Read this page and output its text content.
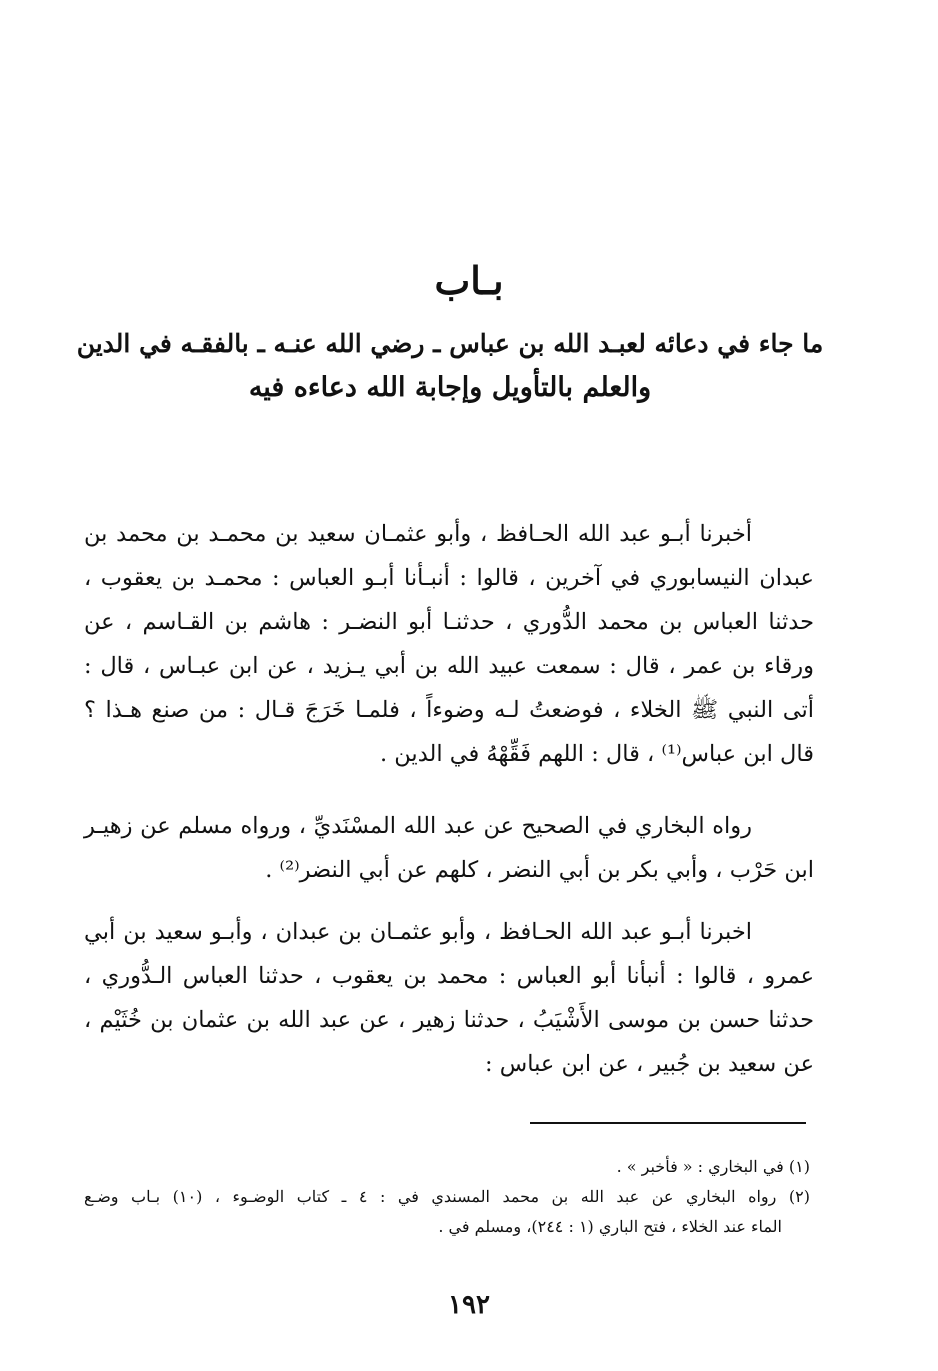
بـاب
ما جاء في دعائه لعبـد الله بن عباس ـ رضي الله عنـه ـ بالفقـه في الدين
والعلم بالتأويل وإجابة الله دعاءه فيه
أخبرنا أبـو عبد الله الحـافظ ، وأبو عثمـان سعيد بن محمـد بن محمد بن
عبدان النيسابوري في آخرين ، قالوا : أنبـأنا أبـو العباس : محمـد بن يعقوب ،
حدثنا العباس بن محمد الدُّوري ، حدثنـا أبو النضـر : هاشم بن القـاسم ، عن
ورقاء بن عمر ، قال : سمعت عبيد الله بن أبي يـزيد ، عن ابن عبـاس ، قال :
أتى النبي ﷺ الخلاء ، فوضعتُ لـه وضوءاً ، فلمـا خَرَجَ قـال : من صنع هـذا ؟
قال ابن عباس⁽¹⁾ ، قال : اللهم فَقِّهْهُ في الدين .
رواه البخاري في الصحيح عن عبد الله المسْنَديِّ ، ورواه مسلم عن زهيـر
ابن حَرْب ، وأبي بكر بن أبي النضر ، كلهم عن أبي النضر⁽²⁾ .
اخبرنا أبـو عبد الله الحـافظ ، وأبو عثمـان بن عبدان ، وأبـو سعيد بن أبي
عمرو ، قالوا : أنبأنا أبو العباس : محمد بن يعقوب ، حدثنا العباس الـدُّوري ،
حدثنا حسن بن موسى الأَشْيَبُ ، حدثنا زهير ، عن عبد الله بن عثمان بن خُثَيْم ،
عن سعيد بن جُبير ، عن ابن عباس :
(١) في البخاري : « فأخبر » .
(٢) رواه البخاري عن عبد الله بن محمد المسندي في : ٤ ـ كتاب الوضـوء ، (١٠) بـاب وضـع
الماء عند الخلاء ، فتح الباري (١ : ٢٤٤)، ومسلم في .
١٩٢
